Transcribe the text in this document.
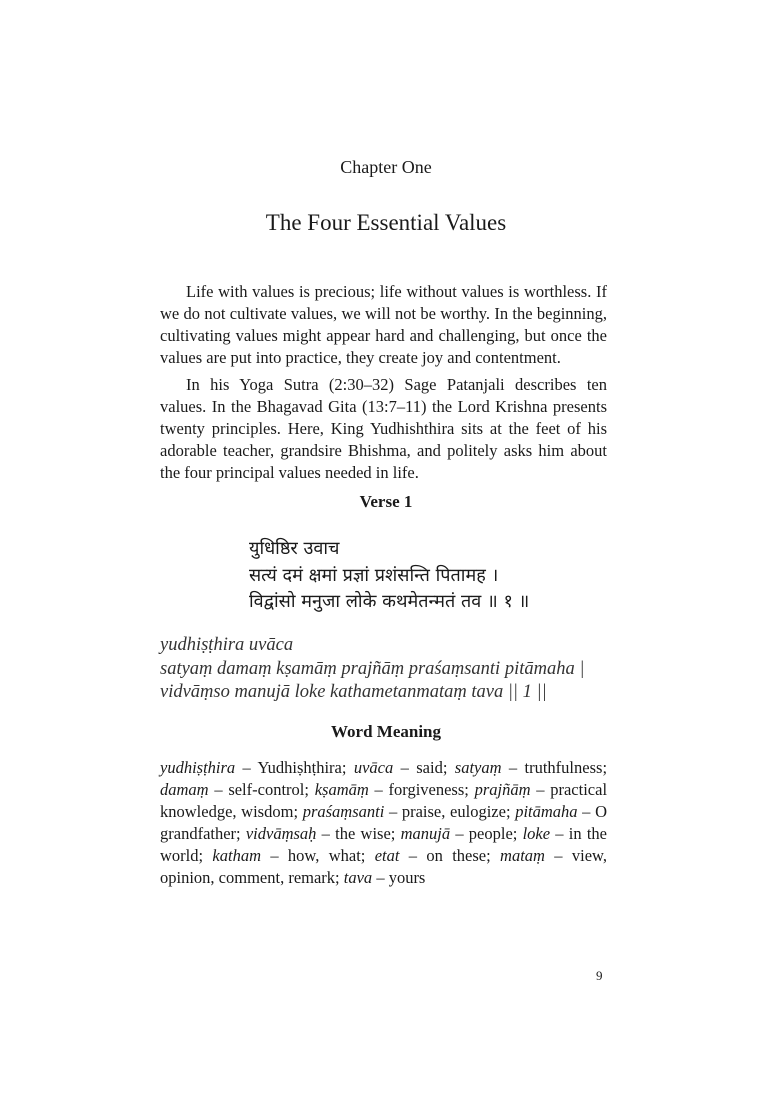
Chapter One
The Four Essential Values

Life with values is precious; life without values is worthless. If we do not cultivate values, we will not be worthy. In the beginning, cultivating values might appear hard and challenging, but once the values are put into practice, they create joy and contentment.

In his Yoga Sutra (2:30–32) Sage Patanjali describes ten values. In the Bhagavad Gita (13:7–11) the Lord Krishna presents twenty principles. Here, King Yudhishthira sits at the feet of his adorable teacher, grandsire Bhishma, and politely asks him about the four principal values needed in life.

Verse 1
युधिष्ठिर उवाच
सत्यं दमं क्षमां प्रज्ञां प्रशंसन्ति पितामह ।
विद्वांसो मनुजा लोके कथमेतन्मतं तव ॥ १ ॥
yudhiṣṭhira uvāca
satyaṃ damaṃ kṣamāṃ prajñāṃ praśaṃsanti pitāmaha |
vidvāṃso manujā loke kathametanmataṃ tava || 1 ||
Word Meaning
yudhiṣṭhira – Yudhiṣhṭhira; uvāca – said; satyaṃ – truthfulness; damaṃ – self-control; kṣamāṃ – forgiveness; prajñāṃ – practical knowledge, wisdom; praśaṃsanti – praise, eulogize; pitāmaha – O grandfather; vidvāṃsaḥ – the wise; manujā – people; loke – in the world; katham – how, what; etat – on these; mataṃ – view, opinion, comment, remark; tava – yours
9
